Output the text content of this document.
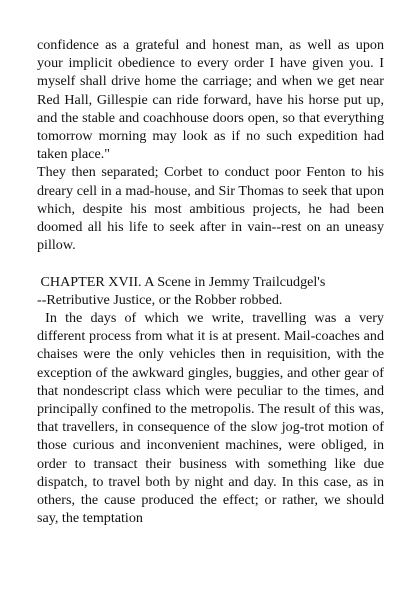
confidence as a grateful and honest man, as well as upon your implicit obedience to every order I have given you. I myself shall drive home the carriage; and when we get near Red Hall, Gillespie can ride forward, have his horse put up, and the stable and coachhouse doors open, so that everything tomorrow morning may look as if no such expedition had taken place."

They then separated; Corbet to conduct poor Fenton to his dreary cell in a mad-house, and Sir Thomas to seek that upon which, despite his most ambitious projects, he had been doomed all his life to seek after in vain--rest on an uneasy pillow.

CHAPTER XVII. A Scene in Jemmy Trailcudgel's
--Retributive Justice, or the Robber robbed.

In the days of which we write, travelling was a very different process from what it is at present. Mail-coaches and chaises were the only vehicles then in requisition, with the exception of the awkward gingles, buggies, and other gear of that nondescript class which were peculiar to the times, and principally confined to the metropolis. The result of this was, that travellers, in consequence of the slow jog-trot motion of those curious and inconvenient machines, were obliged, in order to transact their business with something like due dispatch, to travel both by night and day. In this case, as in others, the cause produced the effect; or rather, we should say, the temptation
